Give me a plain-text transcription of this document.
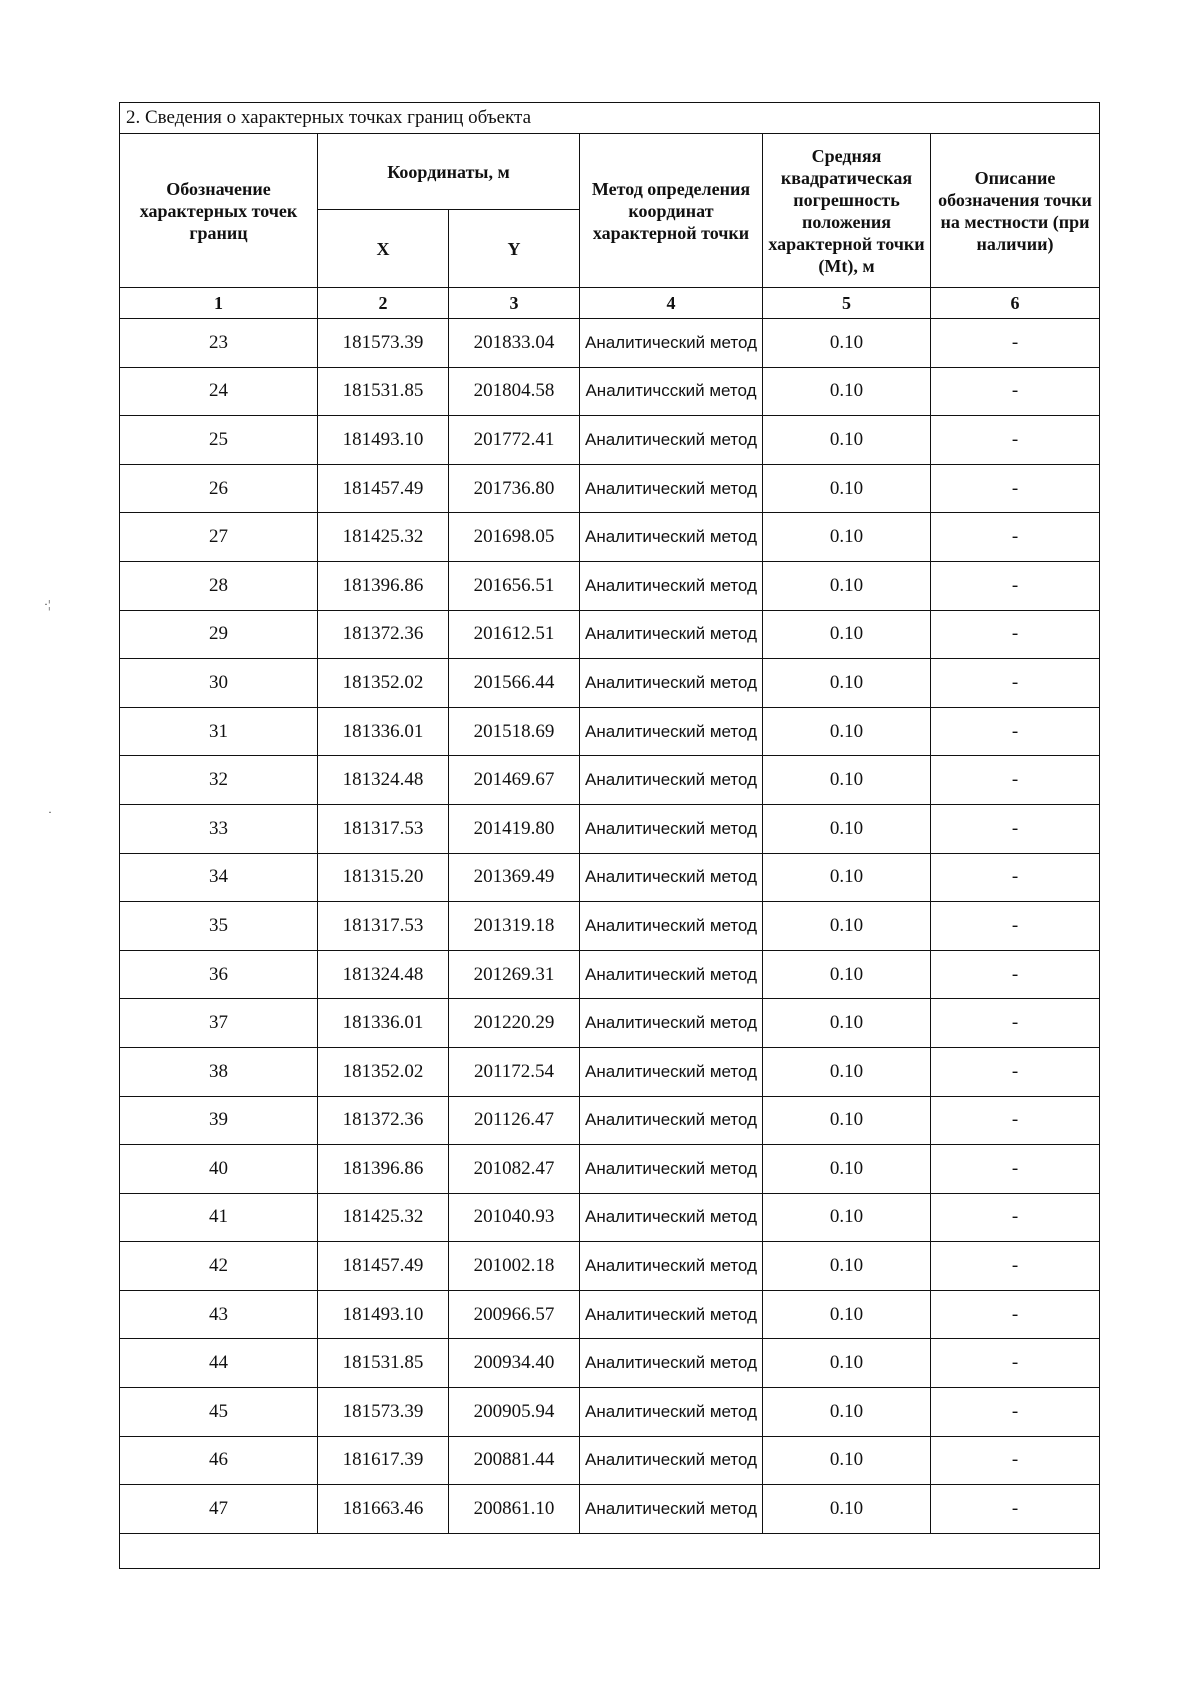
·¦
·
2. Сведения о характерных точках границ объекта					
Обозначение характерных точек границ	Координаты, м		Метод определения координат характерной точки	Средняя квадратическая погрешность положения характерной точки (Mt), м	Описание обозначения точки на местности (при наличии)
	X	Y			
1	2	3	4	5	6
23	181573.39	201833.04	Аналитический метод	0.10	-
24	181531.85	201804.58	Аналитичсский метод	0.10	-
25	181493.10	201772.41	Аналитический метод	0.10	-
26	181457.49	201736.80	Аналитический метод	0.10	-
27	181425.32	201698.05	Аналитический метод	0.10	-
28	181396.86	201656.51	Аналитический метод	0.10	-
29	181372.36	201612.51	Аналитический метод	0.10	-
30	181352.02	201566.44	Аналитический метод	0.10	-
31	181336.01	201518.69	Аналитический метод	0.10	-
32	181324.48	201469.67	Аналитический метод	0.10	-
33	181317.53	201419.80	Аналитический метод	0.10	-
34	181315.20	201369.49	Аналитический метод	0.10	-
35	181317.53	201319.18	Аналитический метод	0.10	-
36	181324.48	201269.31	Аналитический метод	0.10	-
37	181336.01	201220.29	Аналитический метод	0.10	-
38	181352.02	201172.54	Аналитический метод	0.10	-
39	181372.36	201126.47	Аналитический метод	0.10	-
40	181396.86	201082.47	Аналитический метод	0.10	-
41	181425.32	201040.93	Аналитический метод	0.10	-
42	181457.49	201002.18	Аналитический метод	0.10	-
43	181493.10	200966.57	Аналитический метод	0.10	-
44	181531.85	200934.40	Аналитический метод	0.10	-
45	181573.39	200905.94	Аналитический метод	0.10	-
46	181617.39	200881.44	Аналитический метод	0.10	-
47	181663.46	200861.10	Аналитический метод	0.10	-
